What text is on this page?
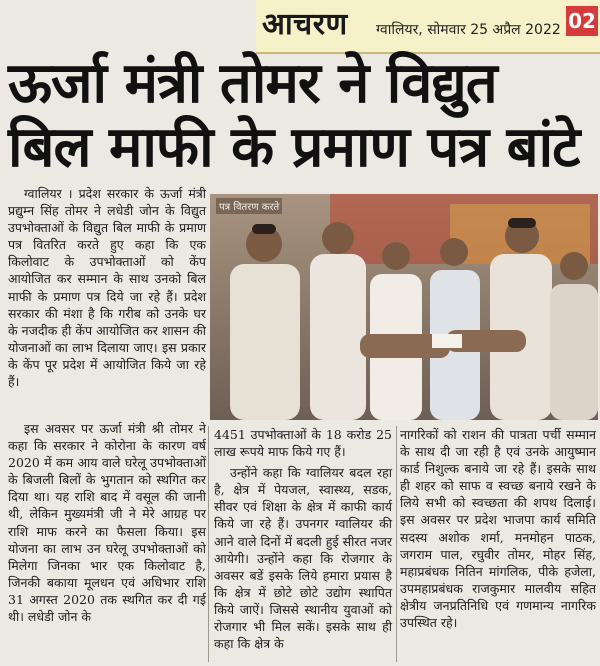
आचरण ग्वालियर, सोमवार 25 अप्रैल 2022 02
ऊर्जा मंत्री तोमर ने विद्युत
बिल माफी के प्रमाण पत्र बांटे

ग्वालियर । प्रदेश सरकार के ऊर्जा मंत्री प्रद्युम्न सिंह तोमर ने लधेडी जोन के विद्युत उपभोक्ताओं के विद्युत बिल माफी के प्रमाण पत्र वितरित करते हुए कहा कि एक किलोवाट के उपभोक्ताओं को केंप आयोजित कर सम्मान के साथ उनको बिल माफी के प्रमाण पत्र दिये जा रहे हैं। प्रदेश सरकार की मंशा है कि गरीब को उनके घर के नजदीक ही केंप आयोजित कर शासन की योजनाओं का लाभ दिलाया जाए। इस प्रकार के केंप पूर प्रदेश में आयोजित किये जा रहे हैं।

पत्र वितरण करते

इस अवसर पर ऊर्जा मंत्री श्री तोमर ने कहा कि सरकार ने कोरोना के कारण वर्ष 2020 में कम आय वाले घरेलू उपभोक्ताओं के बिजली बिलों के भुगतान को स्थगित कर दिया था। यह राशि बाद में वसूल की जानी थी, लेकिन मुख्यमंत्री जी ने मेरे आग्रह पर राशि माफ करने का फैसला किया। इस योजना का लाभ उन घरेलू उपभोक्ताओं को मिलेगा जिनका भार एक किलोवाट है, जिनकी बकाया मूलधन एवं अधिभार राशि 31 अगस्त 2020 तक स्थगित कर दी गई थी। लधेडी जोन के

4451 उपभोक्ताओं के 18 करोड 25 लाख रूपये माफ किये गए हैं।

उन्होंने कहा कि ग्वालियर बदल रहा है, क्षेत्र में पेयजल, स्वास्थ्य, सडक, सीवर एवं शिक्षा के क्षेत्र में काफी कार्य किये जा रहे हैं। उपनगर ग्वालियर की आने वाले दिनों में बदली हुई सीरत नजर आयेगी। उन्होंने कहा कि रोजगार के अवसर बडें इसके लिये हमारा प्रयास है कि क्षेत्र में छोटे छोटे उद्योग स्थापित किये जाऐं। जिससे स्थानीय युवाओं को रोजगार भी मिल सकें। इसके साथ ही कहा कि क्षेत्र के

नागरिकों को राशन की पात्रता पर्ची सम्मान के साथ दी जा रही है एवं उनके आयुष्मान कार्ड निशुल्क बनाये जा रहे हैं। इसके साथ ही शहर को साफ व स्वच्छ बनाये रखने के लिये सभी को स्वच्छता की शपथ दिलाई। इस अवसर पर प्रदेश भाजपा कार्य समिति सदस्य अशोक शर्मा, मनमोहन पाठक, जगराम पाल, रघुवीर तोमर, मोहर सिंह, महाप्रबंधक नितिन मांगलिक, पीके हजेला, उपमहाप्रबंधक राजकुमार मालवीय सहित क्षेत्रीय जनप्रतिनिधि एवं गणमान्य नागरिक उपस्थित रहे।
